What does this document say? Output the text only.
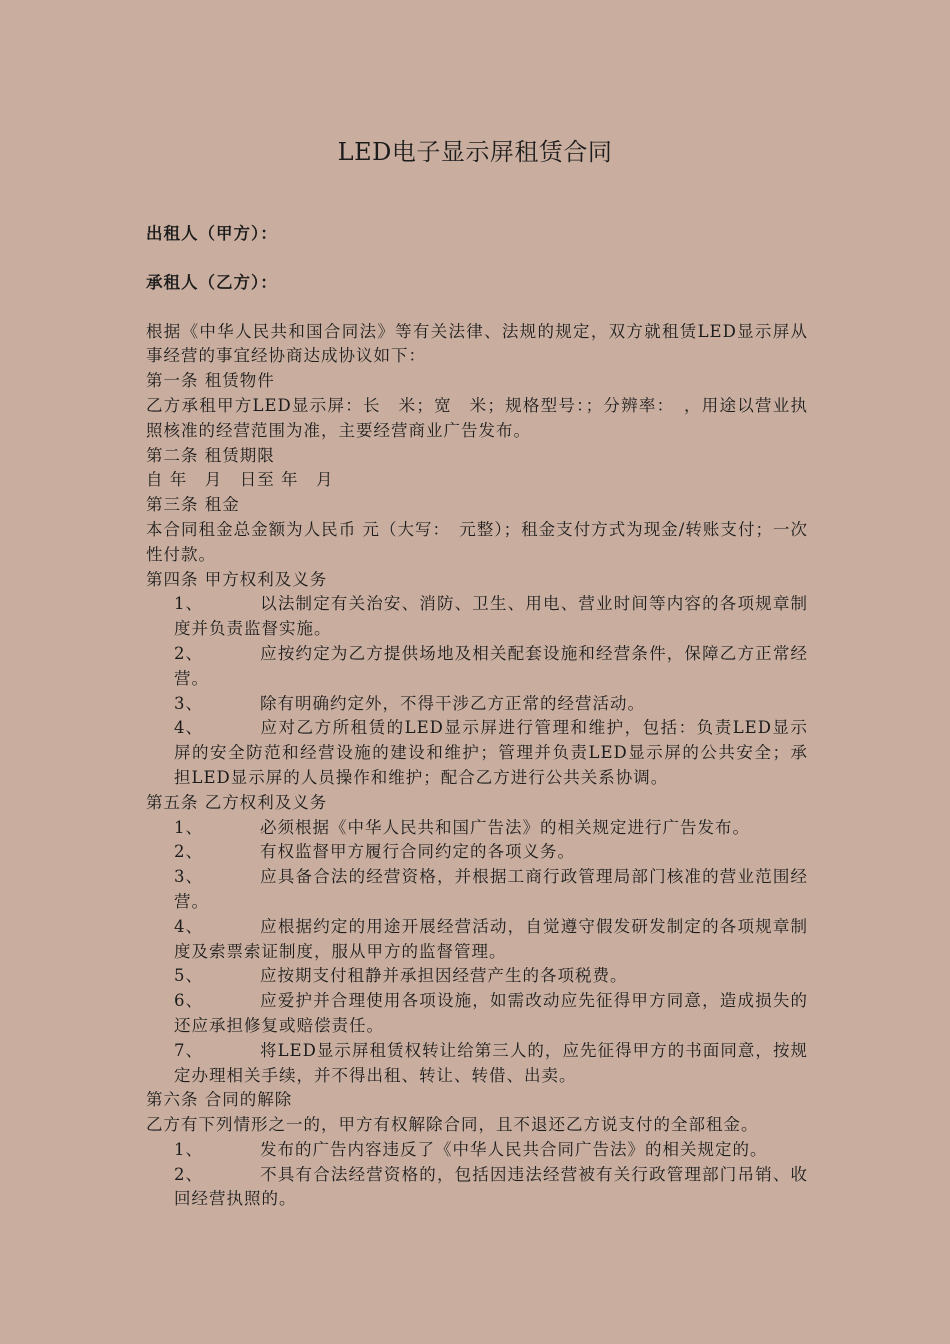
LED电子显示屏租赁合同

出租人（甲方）：

承租人（乙方）：

根据《中华人民共和国合同法》等有关法律、法规的规定，双方就租赁LED显示屏从事经营的事宜经协商达成协议如下：

第一条 租赁物件

乙方承租甲方LED显示屏：长　米；宽　米；规格型号：；分辨率：　，用途以营业执照核准的经营范围为准，主要经营商业广告发布。

第二条 租赁期限

自 年　月　日至 年　月

第三条 租金

本合同租金总金额为人民币 元（大写：　元整）；租金支付方式为现金/转账支付；一次性付款。

第四条 甲方权利及义务

1、	以法制定有关治安、消防、卫生、用电、营业时间等内容的各项规章制度并负责监督实施。

2、	应按约定为乙方提供场地及相关配套设施和经营条件，保障乙方正常经营。

3、	除有明确约定外，不得干涉乙方正常的经营活动。

4、	应对乙方所租赁的LED显示屏进行管理和维护，包括：负责LED显示屏的安全防范和经营设施的建设和维护；管理并负责LED显示屏的公共安全；承担LED显示屏的人员操作和维护；配合乙方进行公共关系协调。

第五条 乙方权利及义务

1、	必须根据《中华人民共和国广告法》的相关规定进行广告发布。

2、	有权监督甲方履行合同约定的各项义务。

3、	应具备合法的经营资格，并根据工商行政管理局部门核准的营业范围经营。

4、	应根据约定的用途开展经营活动，自觉遵守假发研发制定的各项规章制度及索票索证制度，服从甲方的监督管理。

5、	应按期支付租静并承担因经营产生的各项税费。

6、	应爱护并合理使用各项设施，如需改动应先征得甲方同意，造成损失的还应承担修复或赔偿责任。

7、	将LED显示屏租赁权转让给第三人的，应先征得甲方的书面同意，按规定办理相关手续，并不得出租、转让、转借、出卖。

第六条 合同的解除

乙方有下列情形之一的，甲方有权解除合同，且不退还乙方说支付的全部租金。

1、	发布的广告内容违反了《中华人民共合同广告法》的相关规定的。

2、	不具有合法经营资格的，包括因违法经营被有关行政管理部门吊销、收回经营执照的。
